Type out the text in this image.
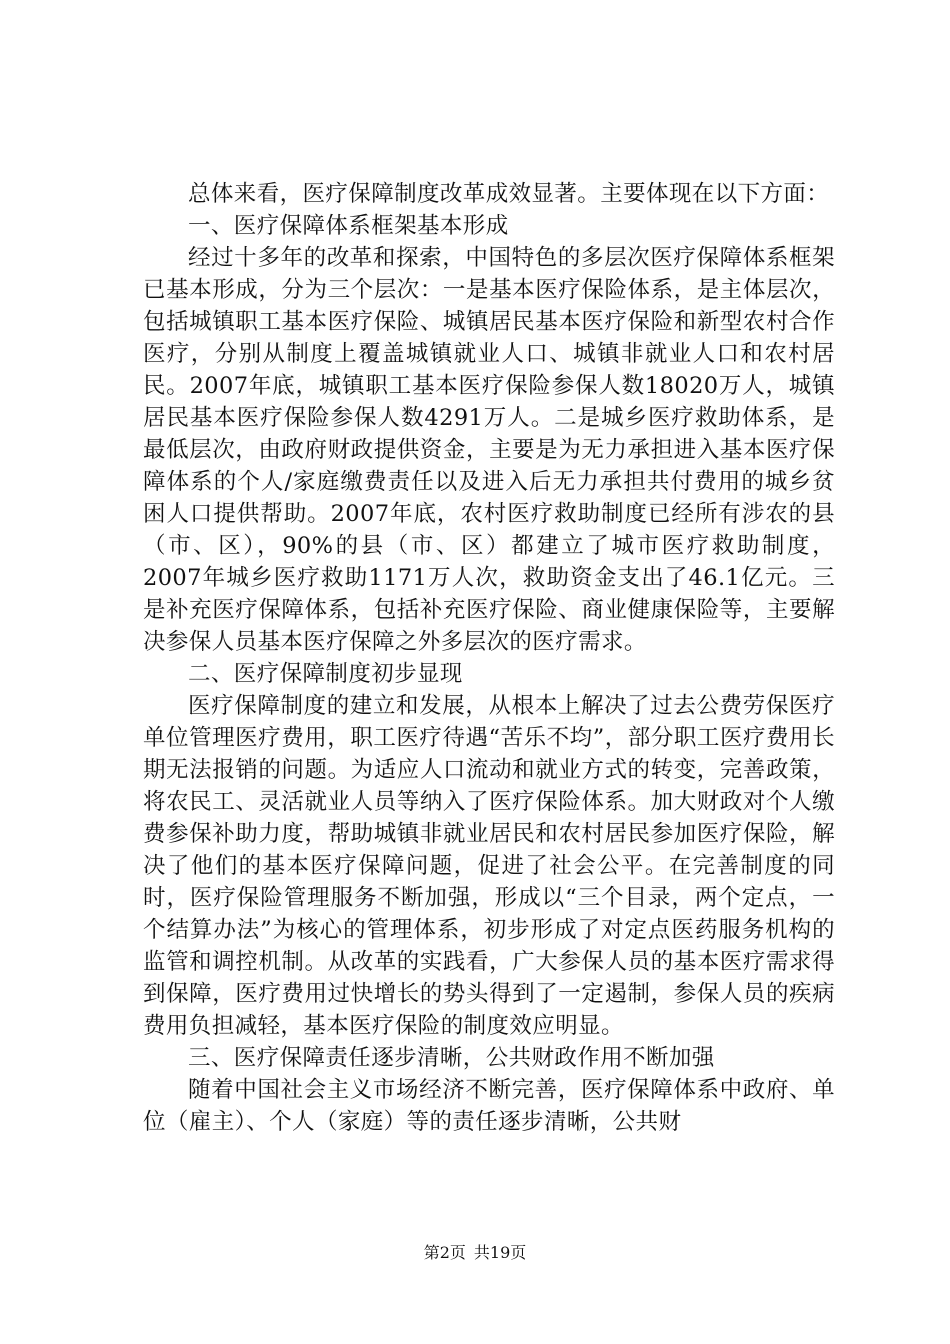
总体来看，医疗保障制度改革成效显著。主要体现在以下方面：

一、医疗保障体系框架基本形成

经过十多年的改革和探索，中国特色的多层次医疗保障体系框架已基本形成，分为三个层次：一是基本医疗保险体系，是主体层次，包括城镇职工基本医疗保险、城镇居民基本医疗保险和新型农村合作医疗，分别从制度上覆盖城镇就业人口、城镇非就业人口和农村居民。2007年底，城镇职工基本医疗保险参保人数18020万人，城镇居民基本医疗保险参保人数4291万人。二是城乡医疗救助体系，是最低层次，由政府财政提供资金，主要是为无力承担进入基本医疗保障体系的个人/家庭缴费责任以及进入后无力承担共付费用的城乡贫困人口提供帮助。2007年底，农村医疗救助制度已经所有涉农的县（市、区），90%的县（市、区）都建立了城市医疗救助制度，2007年城乡医疗救助1171万人次，救助资金支出了46.1亿元。三是补充医疗保障体系，包括补充医疗保险、商业健康保险等，主要解决参保人员基本医疗保障之外多层次的医疗需求。

二、医疗保障制度初步显现

医疗保障制度的建立和发展，从根本上解决了过去公费劳保医疗单位管理医疗费用，职工医疗待遇“苦乐不均”，部分职工医疗费用长期无法报销的问题。为适应人口流动和就业方式的转变，完善政策，将农民工、灵活就业人员等纳入了医疗保险体系。加大财政对个人缴费参保补助力度，帮助城镇非就业居民和农村居民参加医疗保险，解决了他们的基本医疗保障问题，促进了社会公平。在完善制度的同时，医疗保险管理服务不断加强，形成以“三个目录，两个定点，一个结算办法”为核心的管理体系，初步形成了对定点医药服务机构的监管和调控机制。从改革的实践看，广大参保人员的基本医疗需求得到保障，医疗费用过快增长的势头得到了一定遏制，参保人员的疾病费用负担减轻，基本医疗保险的制度效应明显。

三、医疗保障责任逐步清晰，公共财政作用不断加强

随着中国社会主义市场经济不断完善，医疗保障体系中政府、单位（雇主）、个人（家庭）等的责任逐步清晰，公共财

第2页 共19页
